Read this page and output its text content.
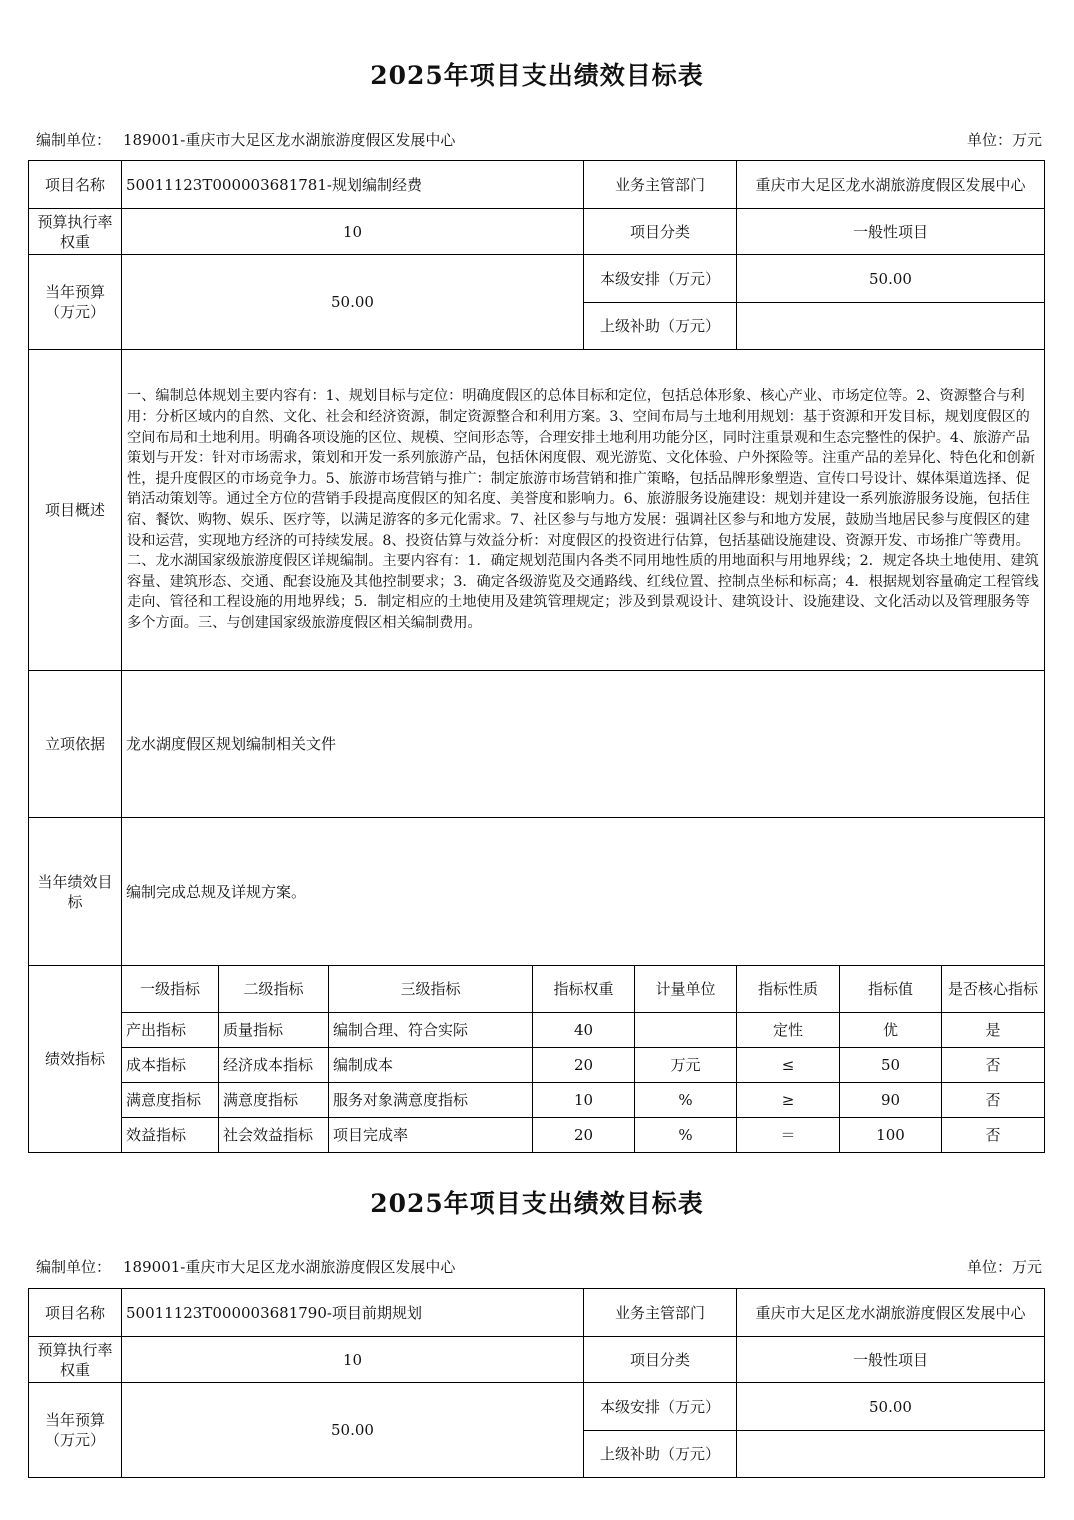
2025年项目支出绩效目标表
编制单位： 189001-重庆市大足区龙水湖旅游度假区发展中心	单位：万元
项目名称	50011123T000003681781-规划编制经费				业务主管部门		重庆市大足区龙水湖旅游度假区发展中心		
预算执行率权重	10				项目分类		一般性项目		
当年预算（万元）	50.00				本级安排（万元）		50.00		
					上级补助（万元）				
项目概述	一、编制总体规划主要内容有：1、规划目标与定位：明确度假区的总体目标和定位，包括总体形象、核心产业、市场定位等。2、资源整合与利用：分析区域内的自然、文化、社会和经济资源，制定资源整合和利用方案。3、空间布局与土地利用规划：基于资源和开发目标，规划度假区的空间布局和土地利用。明确各项设施的区位、规模、空间形态等，合理安排土地利用功能分区，同时注重景观和生态完整性的保护。4、旅游产品策划与开发：针对市场需求，策划和开发一系列旅游产品，包括休闲度假、观光游览、文化体验、户外探险等。注重产品的差异化、特色化和创新性，提升度假区的市场竞争力。5、旅游市场营销与推广：制定旅游市场营销和推广策略，包括品牌形象塑造、宣传口号设计、媒体渠道选择、促销活动策划等。通过全方位的营销手段提高度假区的知名度、美誉度和影响力。6、旅游服务设施建设：规划并建设一系列旅游服务设施，包括住宿、餐饮、购物、娱乐、医疗等，以满足游客的多元化需求。7、社区参与与地方发展：强调社区参与和地方发展，鼓励当地居民参与度假区的建设和运营，实现地方经济的可持续发展。8、投资估算与效益分析：对度假区的投资进行估算，包括基础设施建设、资源开发、市场推广等费用。二、龙水湖国家级旅游度假区详规编制。主要内容有：1．确定规划范围内各类不同用地性质的用地面积与用地界线；2．规定各块土地使用、建筑容量、建筑形态、交通、配套设施及其他控制要求；3．确定各级游览及交通路线、红线位置、控制点坐标和标高；4．根据规划容量确定工程管线走向、管径和工程设施的用地界线；5．制定相应的土地使用及建筑管理规定；涉及到景观设计、建筑设计、设施建设、文化活动以及管理服务等多个方面。三、与创建国家级旅游度假区相关编制费用。								
立项依据	龙水湖度假区规划编制相关文件								
当年绩效目标	编制完成总规及详规方案。								
绩效指标	一级指标	二级指标	三级指标	指标权重		计量单位	指标性质	指标值	是否核心指标
	产出指标	质量指标	编制合理、符合实际	40			定性	优	是
	成本指标	经济成本指标	编制成本	20		万元	≤	50	否
	满意度指标	满意度指标	服务对象满意度指标	10		%	≥	90	否
	效益指标	社会效益指标	项目完成率	20		%	＝	100	否
2025年项目支出绩效目标表
编制单位： 189001-重庆市大足区龙水湖旅游度假区发展中心	单位：万元
项目名称	50011123T000003681790-项目前期规划	业务主管部门	重庆市大足区龙水湖旅游度假区发展中心
预算执行率权重	10	项目分类	一般性项目
当年预算（万元）	50.00	本级安排（万元）	50.00
		上级补助（万元）	
